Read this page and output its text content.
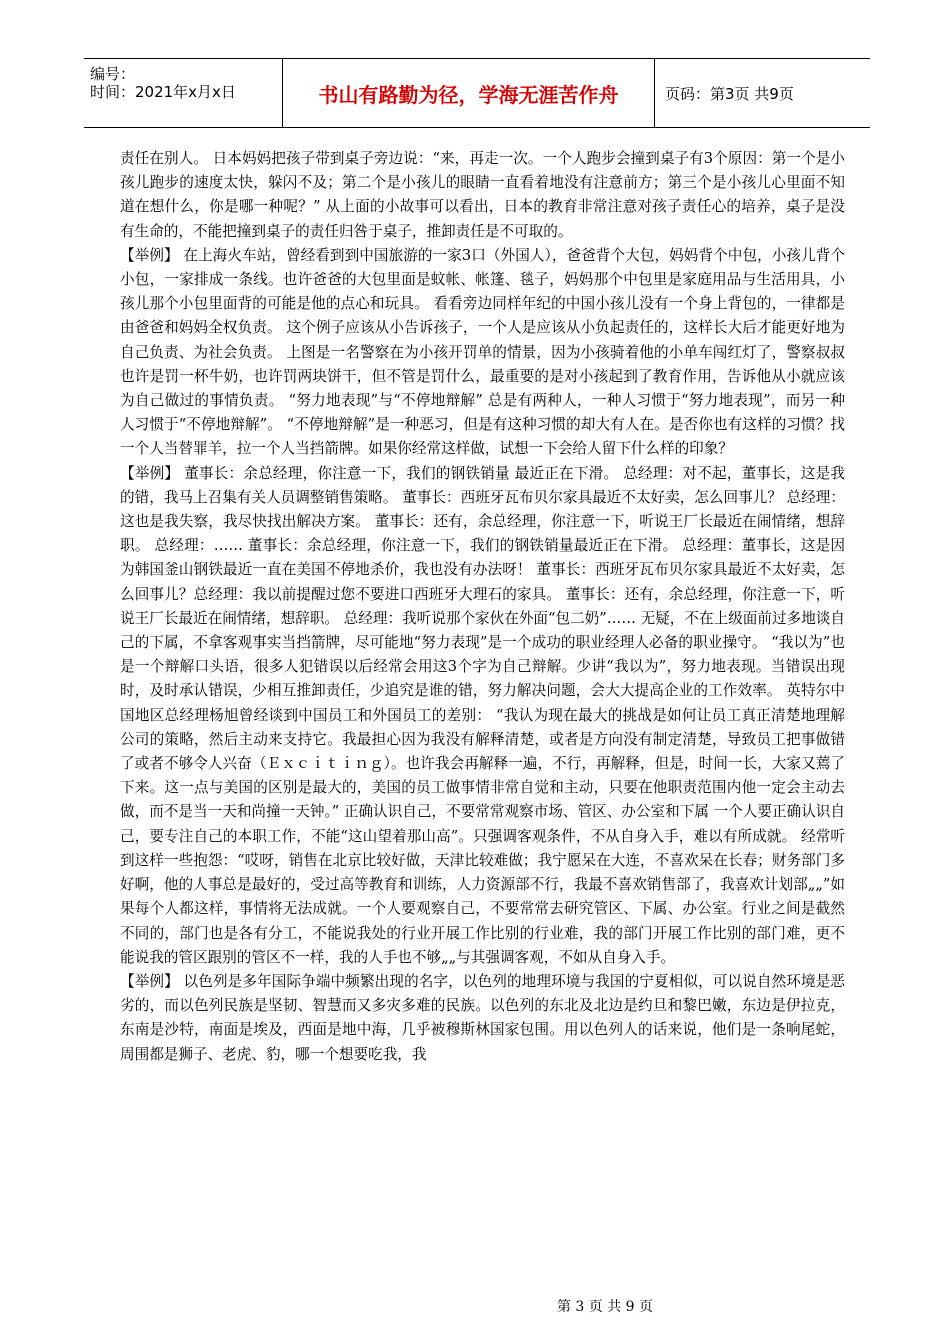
编号：
时间：2021年x月x日	书山有路勤为径，学海无涯苦作舟	页码：第3页 共9页

责任在别人。 日本妈妈把孩子带到桌子旁边说：“来，再走一次。一个人跑步会撞到桌子有3个原因：第一个是小孩儿跑步的速度太快，躲闪不及；第二个是小孩儿的眼睛一直看着地没有注意前方；第三个是小孩儿心里面不知道在想什么，你是哪一种呢？” 从上面的小故事可以看出，日本的教育非常注意对孩子责任心的培养，桌子是没有生命的，不能把撞到桌子的责任归咎于桌子，推卸责任是不可取的。

【举例】 在上海火车站，曾经看到到中国旅游的一家3口（外国人），爸爸背个大包，妈妈背个中包，小孩儿背个小包，一家排成一条线。也许爸爸的大包里面是蚊帐、帐篷、毯子，妈妈那个中包里是家庭用品与生活用具，小孩儿那个小包里面背的可能是他的点心和玩具。 看看旁边同样年纪的中国小孩儿没有一个身上背包的，一律都是由爸爸和妈妈全权负责。 这个例子应该从小告诉孩子，一个人是应该从小负起责任的，这样长大后才能更好地为自己负责、为社会负责。 上图是一名警察在为小孩开罚单的情景，因为小孩骑着他的小单车闯红灯了，警察叔叔也许是罚一杯牛奶，也许罚两块饼干，但不管是罚什么，最重要的是对小孩起到了教育作用，告诉他从小就应该为自己做过的事情负责。 “努力地表现”与“不停地辩解” 总是有两种人，一种人习惯于“努力地表现”，而另一种人习惯于“不停地辩解”。 “不停地辩解”是一种恶习，但是有这种习惯的却大有人在。是否你也有这样的习惯？找一个人当替罪羊，拉一个人当挡箭牌。如果你经常这样做，试想一下会给人留下什么样的印象？

【举例】 董事长：余总经理，你注意一下，我们的钢铁销量 最近正在下滑。 总经理：对不起，董事长，这是我的错，我马上召集有关人员调整销售策略。 董事长：西班牙瓦布贝尔家具最近不太好卖，怎么回事儿？ 总经理：这也是我失察，我尽快找出解决方案。 董事长：还有，余总经理，你注意一下，听说王厂长最近在闹情绪，想辞职。 总经理：…… 董事长：余总经理，你注意一下，我们的钢铁销量最近正在下滑。 总经理：董事长，这是因为韩国釜山钢铁最近一直在美国不停地杀价，我也没有办法呀！ 董事长：西班牙瓦布贝尔家具最近不太好卖，怎么回事儿？总经理：我以前提醒过您不要进口西班牙大理石的家具。 董事长：还有，余总经理，你注意一下，听说王厂长最近在闹情绪，想辞职。 总经理：我听说那个家伙在外面“包二奶”…… 无疑，不在上级面前过多地谈自己的下属，不拿客观事实当挡箭牌，尽可能地“努力表现”是一个成功的职业经理人必备的职业操守。 “我以为”也是一个辩解口头语，很多人犯错误以后经常会用这3个字为自己辩解。少讲“我以为”，努力地表现。当错误出现时，及时承认错误，少相互推卸责任，少追究是谁的错，努力解决问题，会大大提高企业的工作效率。 英特尔中国地区总经理杨旭曾经谈到中国员工和外国员工的差别： “我认为现在最大的挑战是如何让员工真正清楚地理解公司的策略，然后主动来支持它。我最担心因为我没有解释清楚，或者是方向没有制定清楚，导致员工把事做错了或者不够令人兴奋（Ｅｘｃｉｔｉｎｇ）。也许我会再解释一遍，不行，再解释，但是，时间一长，大家又蔫了下来。这一点与美国的区别是最大的，美国的员工做事情非常自觉和主动，只要在他职责范围内他一定会主动去做，而不是当一天和尚撞一天钟。” 正确认识自己，不要常常观察市场、管区、办公室和下属 一个人要正确认识自己，要专注自己的本职工作，不能“这山望着那山高”。只强调客观条件，不从自身入手，难以有所成就。 经常听到这样一些抱怨：“哎呀，销售在北京比较好做，天津比较难做；我宁愿呆在大连，不喜欢呆在长春；财务部门多好啊，他的人事总是最好的，受过高等教育和训练，人力资源部不行，我最不喜欢销售部了，我喜欢计划部„„”如果每个人都这样，事情将无法成就。一个人要观察自己，不要常常去研究管区、下属、办公室。行业之间是截然不同的，部门也是各有分工，不能说我处的行业开展工作比别的行业难，我的部门开展工作比别的部门难，更不能说我的管区跟别的管区不一样，我的人手也不够„„与其强调客观，不如从自身入手。

【举例】 以色列是多年国际争端中频繁出现的名字，以色列的地理环境与我国的宁夏相似，可以说自然环境是恶劣的，而以色列民族是坚韧、智慧而又多灾多难的民族。以色列的东北及北边是约旦和黎巴嫩，东边是伊拉克，东南是沙特，南面是埃及，西面是地中海，几乎被穆斯林国家包围。用以色列人的话来说，他们是一条响尾蛇，周围都是狮子、老虎、豹，哪一个想要吃我，我

第 3 页 共 9 页
